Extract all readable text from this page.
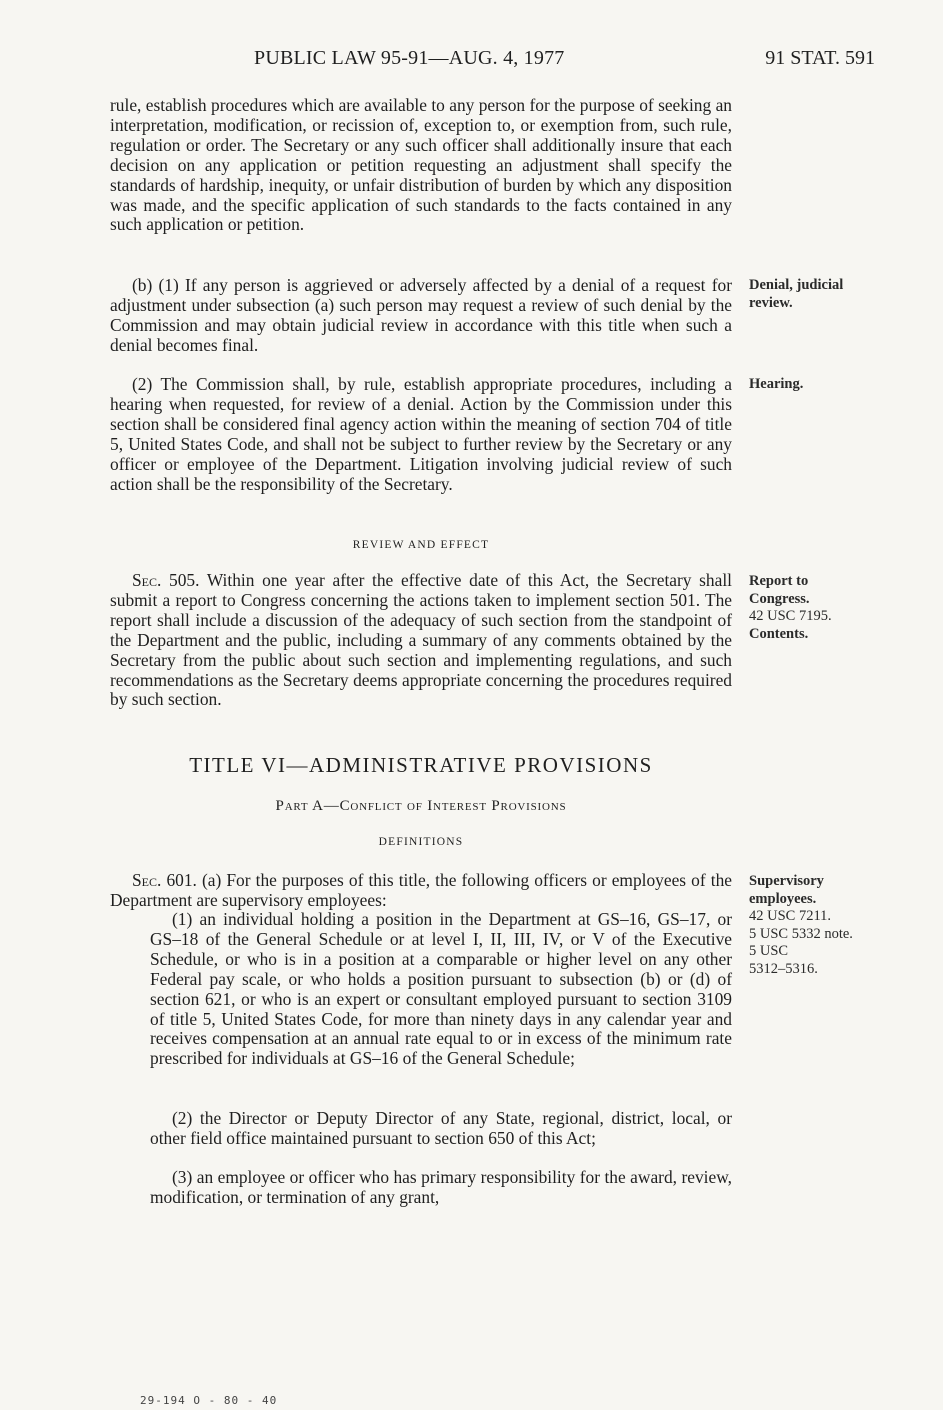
PUBLIC LAW 95-91—AUG. 4, 1977	91 STAT. 591

rule, establish procedures which are available to any person for the purpose of seeking an interpretation, modification, or recission of, exception to, or exemption from, such rule, regulation or order. The Secretary or any such officer shall additionally insure that each decision on any application or petition requesting an adjustment shall specify the standards of hardship, inequity, or unfair distribution of burden by which any disposition was made, and the specific application of such standards to the facts contained in any such application or petition.

(b) (1) If any person is aggrieved or adversely affected by a denial of a request for adjustment under subsection (a) such person may request a review of such denial by the Commission and may obtain judicial review in accordance with this title when such a denial becomes final.

(2) The Commission shall, by rule, establish appropriate procedures, including a hearing when requested, for review of a denial. Action by the Commission under this section shall be considered final agency action within the meaning of section 704 of title 5, United States Code, and shall not be subject to further review by the Secretary or any officer or employee of the Department. Litigation involving judicial review of such action shall be the responsibility of the Secretary.

REVIEW AND EFFECT

Sec. 505. Within one year after the effective date of this Act, the Secretary shall submit a report to Congress concerning the actions taken to implement section 501. The report shall include a discussion of the adequacy of such section from the standpoint of the Department and the public, including a summary of any comments obtained by the Secretary from the public about such section and implementing regulations, and such recommendations as the Secretary deems appropriate concerning the procedures required by such section.

TITLE VI—ADMINISTRATIVE PROVISIONS
Part A—Conflict of Interest Provisions
DEFINITIONS

Sec. 601. (a) For the purposes of this title, the following officers or employees of the Department are supervisory employees:

(1) an individual holding a position in the Department at GS–16, GS–17, or GS–18 of the General Schedule or at level I, II, III, IV, or V of the Executive Schedule, or who is in a position at a comparable or higher level on any other Federal pay scale, or who holds a position pursuant to subsection (b) or (d) of section 621, or who is an expert or consultant employed pursuant to section 3109 of title 5, United States Code, for more than ninety days in any calendar year and receives compensation at an annual rate equal to or in excess of the minimum rate prescribed for individuals at GS–16 of the General Schedule;

(2) the Director or Deputy Director of any State, regional, district, local, or other field office maintained pursuant to section 650 of this Act;

(3) an employee or officer who has primary responsibility for the award, review, modification, or termination of any grant,

Denial, judicial
review.
Hearing.
Report to
Congress.
42 USC 7195.
Contents.
Supervisory
employees.
42 USC 7211.
5 USC 5332 note.
5 USC
5312–5316.
29-194 O - 80 - 40
